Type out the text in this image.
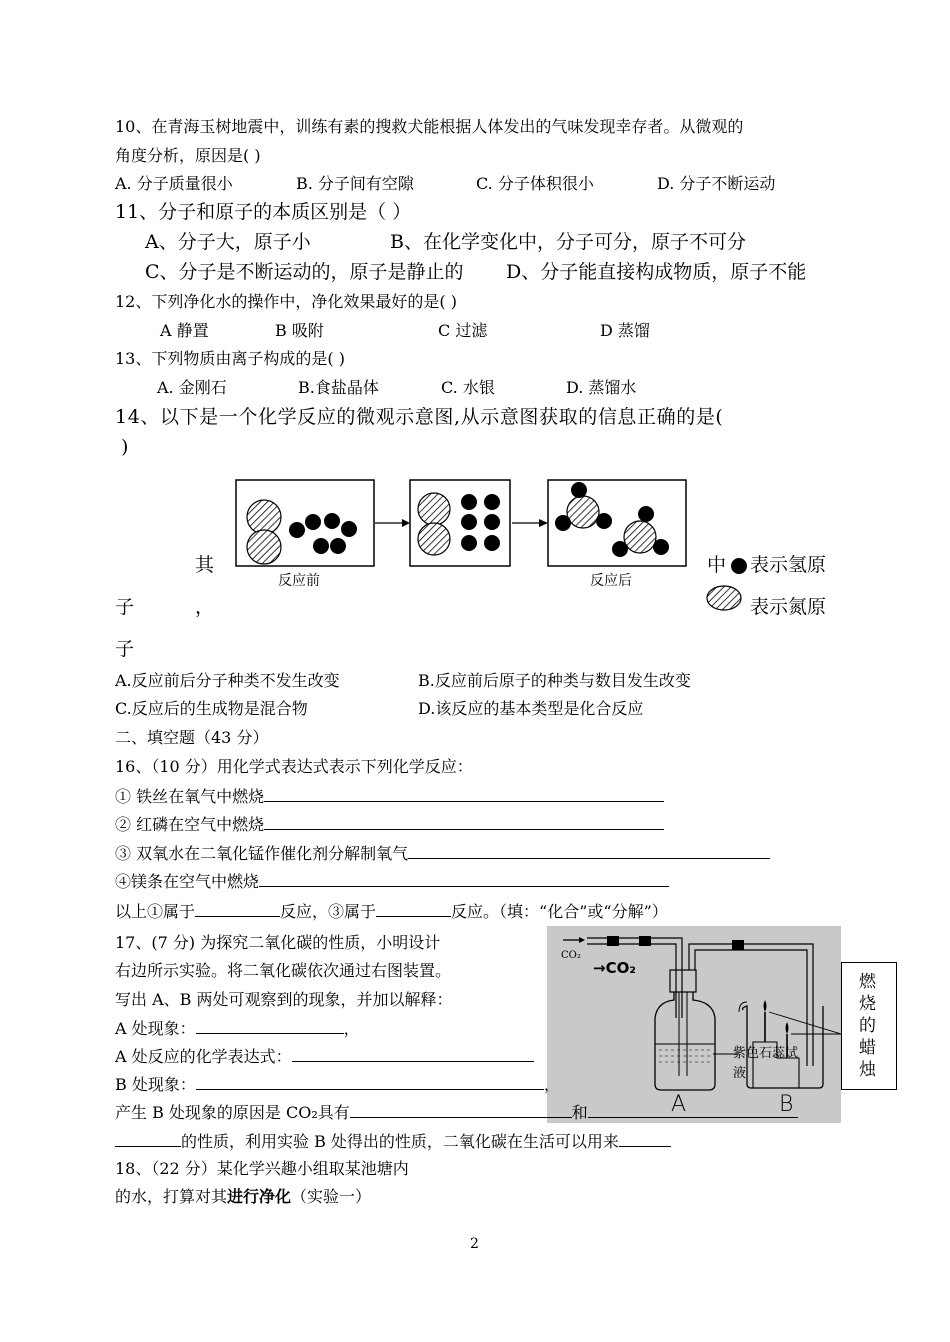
10、在青海玉树地震中，训练有素的搜救犬能根据人体发出的气味发现幸存者。从微观的
角度分析，原因是( )
A. 分子质量很小	B. 分子间有空隙	C. 分子体积很小	D. 分子不断运动
11、分子和原子的本质区别是（ ）
A、分子大，原子小	B、在化学变化中，分子可分，原子不可分
C、分子是不断运动的，原子是静止的 D、分子能直接构成物质，原子不能
12、下列净化水的操作中，净化效果最好的是( )
A 静置	B 吸附	C 过滤	D 蒸馏
13、下列物质由离子构成的是( )
A. 金刚石	B.食盐晶体	C. 水银	D. 蒸馏水
14、以下是一个化学反应的微观示意图,从示意图获取的信息正确的是(
)
反应前	反应后
其	中 表示氢原
子	，	表示氮原
子
A.反应前后分子种类不发生改变	B.反应前后原子的种类与数目发生改变
C.反应后的生成物是混合物	D.该反应的基本类型是化合反应
二、填空题（43 分）
16、（10 分）用化学式表达式表示下列化学反应：
① 铁丝在氧气中燃烧
② 红磷在空气中燃烧
③ 双氧水在二氧化锰作催化剂分解制氧气
④镁条在空气中燃烧
以上①属于	反应，③属于	反应。（填：“化合”或“分解”）
CO₂
→CO₂
紫色石蕊试液
A	B
燃烧的蜡烛
17、(7 分) 为探究二氧化碳的性质，小明设计
右边所示实验。将二氧化碳依次通过右图装置。
写出 A、B 两处可观察到的现象，并加以解释：
A 处现象：	，
A 处反应的化学表达式：
B 处现象：	，
产生 B 处现象的原因是 CO₂具有	和
的性质，利用实验 B 处得出的性质，二氧化碳在生活可以用来
18、（22 分）某化学兴趣小组取某池塘内
的水，打算对其进行净化（实验一）
2
